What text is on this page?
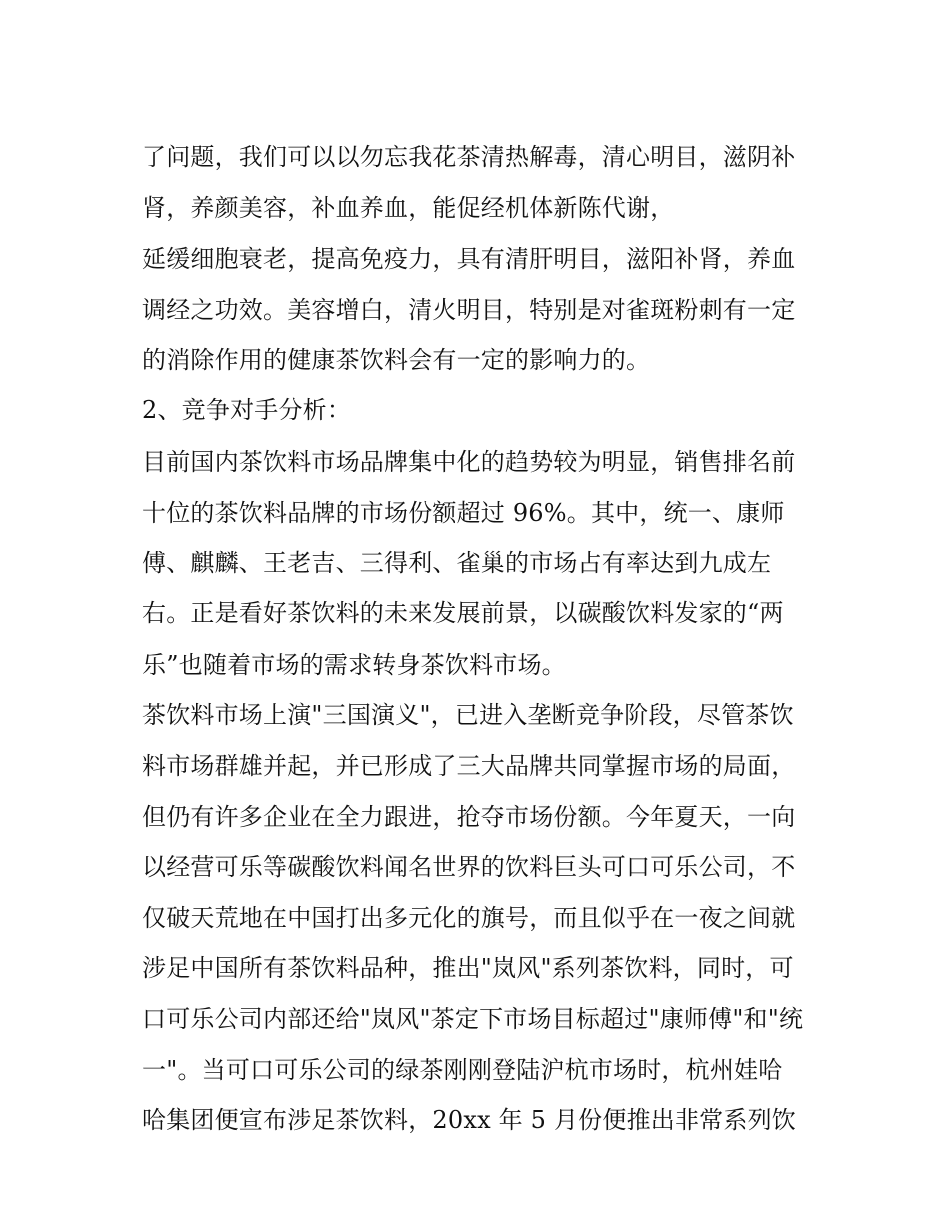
了问题，我们可以以勿忘我花茶清热解毒，清心明目，滋阴补

肾，养颜美容，补血养血，能促经机体新陈代谢，

延缓细胞衰老，提高免疫力，具有清肝明目，滋阳补肾，养血

调经之功效。美容增白，清火明目，特别是对雀斑粉刺有一定

的消除作用的健康茶饮料会有一定的影响力的。

2、竞争对手分析：

目前国内茶饮料市场品牌集中化的趋势较为明显，销售排名前

十位的茶饮料品牌的市场份额超过 96%。其中，统一、康师

傅、麒麟、王老吉、三得利、雀巢的市场占有率达到九成左

右。正是看好茶饮料的未来发展前景，以碳酸饮料发家的“两

乐”也随着市场的需求转身茶饮料市场。

茶饮料市场上演"三国演义"，已进入垄断竞争阶段，尽管茶饮

料市场群雄并起，并已形成了三大品牌共同掌握市场的局面，

但仍有许多企业在全力跟进，抢夺市场份额。今年夏天，一向

以经营可乐等碳酸饮料闻名世界的饮料巨头可口可乐公司，不

仅破天荒地在中国打出多元化的旗号，而且似乎在一夜之间就

涉足中国所有茶饮料品种，推出"岚风"系列茶饮料，同时，可

口可乐公司内部还给"岚风"茶定下市场目标超过"康师傅"和"统

一"。当可口可乐公司的绿茶刚刚登陆沪杭市场时，杭州娃哈

哈集团便宣布涉足茶饮料，20xx 年 5 月份便推出非常系列饮
